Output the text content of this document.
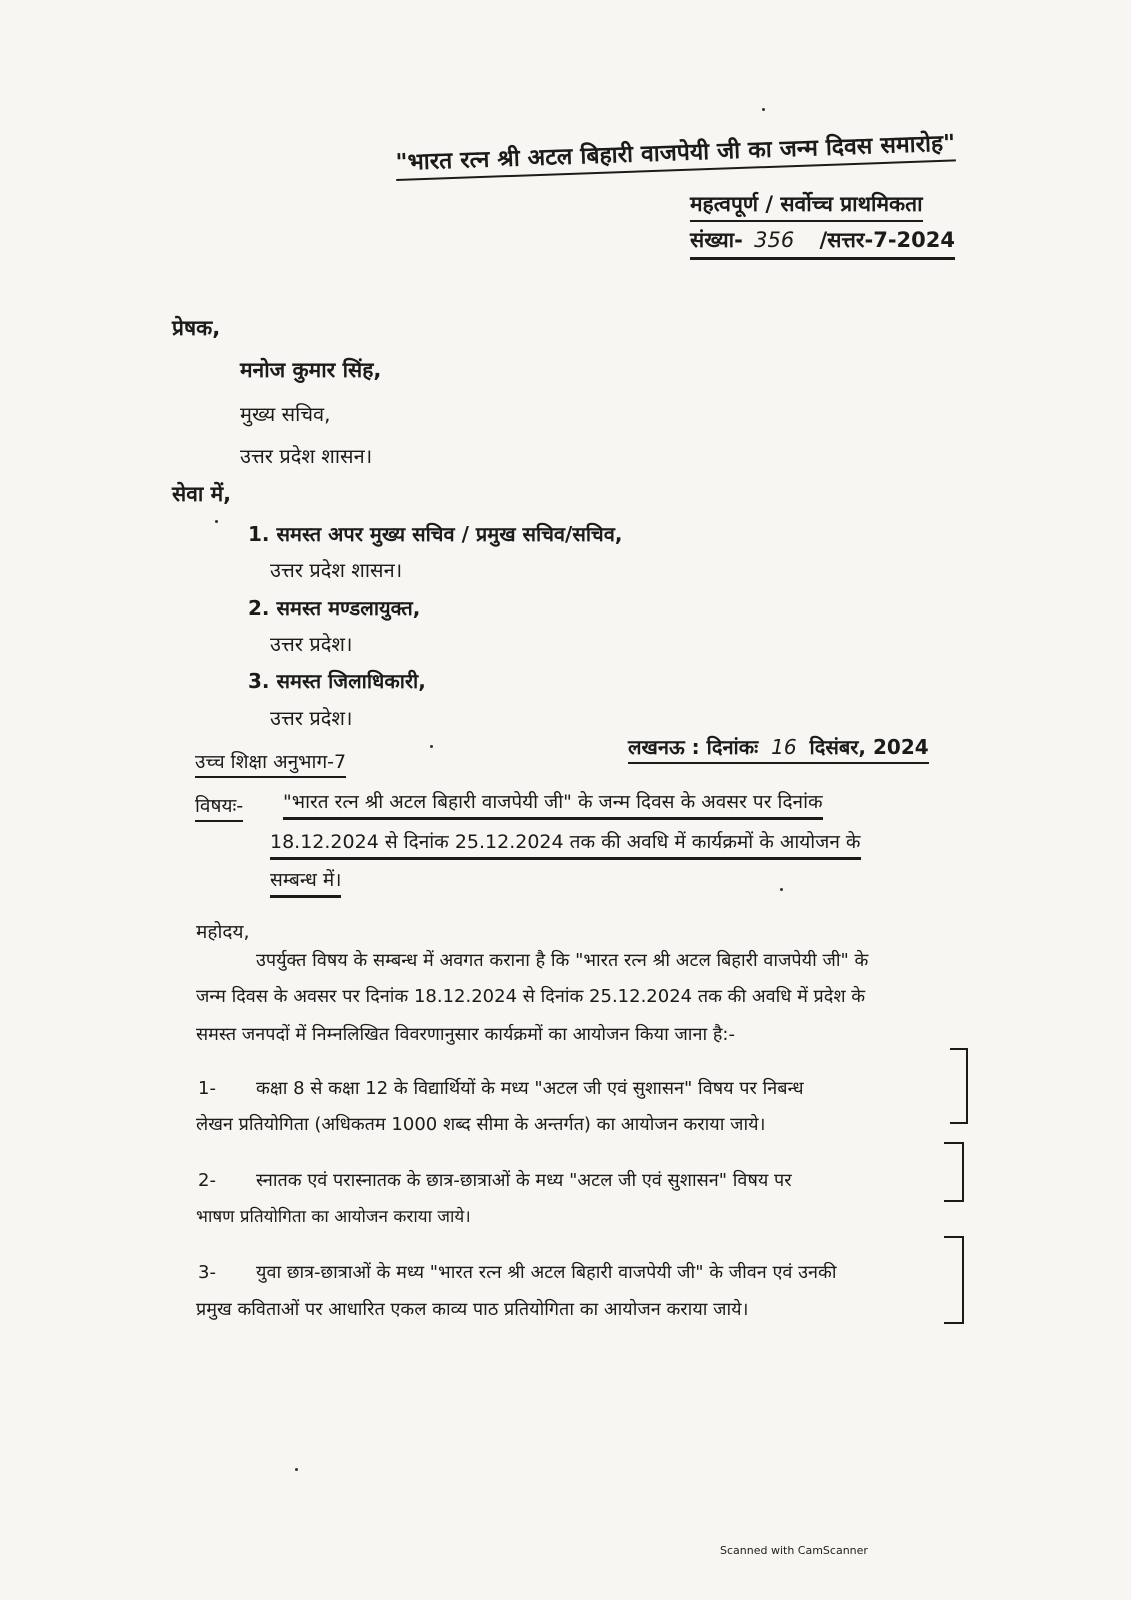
"भारत रत्न श्री अटल बिहारी वाजपेयी जी का जन्म दिवस समारोह"
महत्वपूर्ण / सर्वोच्च प्राथमिकता
संख्या- 356 /सत्तर-7-2024
प्रेषक,
मनोज कुमार सिंह,
मुख्य सचिव,
उत्तर प्रदेश शासन।
सेवा में,
1. समस्त अपर मुख्य सचिव / प्रमुख सचिव/सचिव,
उत्तर प्रदेश शासन।
2. समस्त मण्डलायुक्त,
उत्तर प्रदेश।
3. समस्त जिलाधिकारी,
उत्तर प्रदेश।
उच्च शिक्षा अनुभाग-7
लखनऊ : दिनांकः 16 दिसंबर, 2024
विषयः- "भारत रत्न श्री अटल बिहारी वाजपेयी जी" के जन्म दिवस के अवसर पर दिनांक
18.12.2024 से दिनांक 25.12.2024 तक की अवधि में कार्यक्रमों के आयोजन के
सम्बन्ध में।
महोदय,
उपर्युक्त विषय के सम्बन्ध में अवगत कराना है कि "भारत रत्न श्री अटल बिहारी वाजपेयी जी" के
जन्म दिवस के अवसर पर दिनांक 18.12.2024 से दिनांक 25.12.2024 तक की अवधि में प्रदेश के
समस्त जनपदों में निम्नलिखित विवरणानुसार कार्यक्रमों का आयोजन किया जाना है:-
1- कक्षा 8 से कक्षा 12 के विद्यार्थियों के मध्य "अटल जी एवं सुशासन" विषय पर निबन्ध
लेखन प्रतियोगिता (अधिकतम 1000 शब्द सीमा के अन्तर्गत) का आयोजन कराया जाये।
2- स्नातक एवं परास्नातक के छात्र-छात्राओं के मध्य "अटल जी एवं सुशासन" विषय पर
भाषण प्रतियोगिता का आयोजन कराया जाये।
3- युवा छात्र-छात्राओं के मध्य "भारत रत्न श्री अटल बिहारी वाजपेयी जी" के जीवन एवं उनकी
प्रमुख कविताओं पर आधारित एकल काव्य पाठ प्रतियोगिता का आयोजन कराया जाये।
Scanned with CamScanner
